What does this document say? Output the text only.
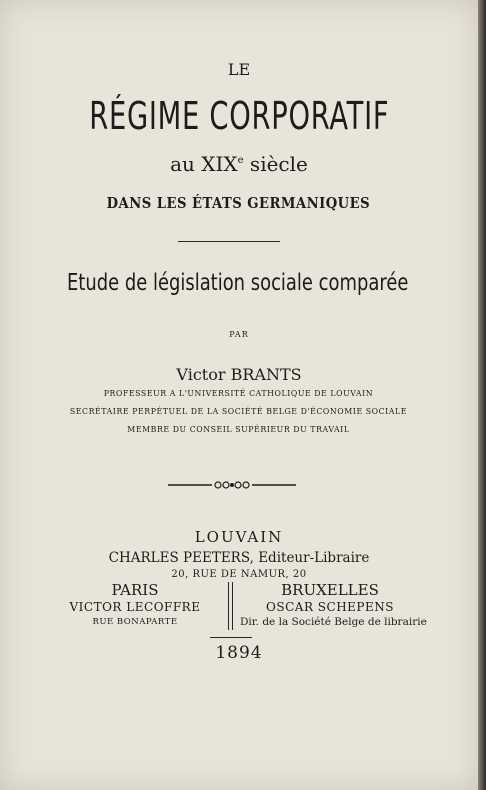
LE
RÉGIME CORPORATIF
au XIXe siècle
DANS LES ÉTATS GERMANIQUES
Etude de législation sociale comparée
PAR
Victor BRANTS
PROFESSEUR A L'UNIVERSITÉ CATHOLIQUE DE LOUVAIN
SECRÉTAIRE PERPÉTUEL DE LA SOCIÉTÉ BELGE D'ÉCONOMIE SOCIALE
MEMBRE DU CONSEIL SUPÉRIEUR DU TRAVAIL
LOUVAIN
CHARLES PEETERS, Editeur-Libraire
20, RUE DE NAMUR, 20
PARIS
VICTOR LECOFFRE
RUE BONAPARTE
BRUXELLES
OSCAR SCHEPENS
Dir. de la Société Belge de librairie
1894
